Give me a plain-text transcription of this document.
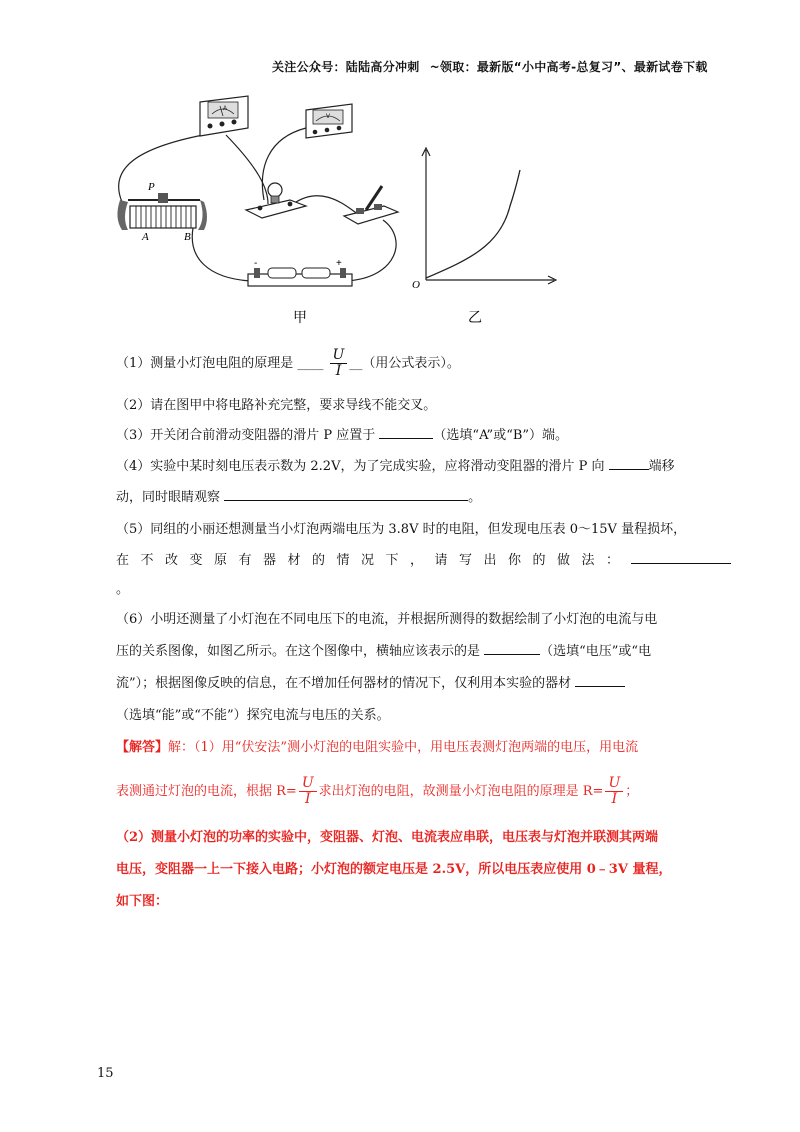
关注公众号：陆陆高分冲刺 ~领取：最新版“小中高考-总复习”、最新试卷下载
A
V
P
A	B
-	+
O
甲	乙
（1）测量小灯泡电阻的原理是 ____ $\frac{U}{I}$ __（用公式表示）。
（2）请在图甲中将电路补充完整，要求导线不能交叉。
（3）开关闭合前滑动变阻器的滑片 P 应置于	（选填“A”或“B”）端。
（4）实验中某时刻电压表示数为 2.2V，为了完成实验，应将滑动变阻器的滑片 P 向	端移
动，同时眼睛观察	。
（5）同组的小丽还想测量当小灯泡两端电压为 3.8V 时的电阻，但发现电压表 0～15V 量程损坏，
在不改变原有器材的情况下，请写出你的做法：
。
（6）小明还测量了小灯泡在不同电压下的电流，并根据所测得的数据绘制了小灯泡的电流与电
压的关系图像，如图乙所示。在这个图像中，横轴应该表示的是	（选填“电压”或“电
流”）；根据图像反映的信息，在不增加任何器材的情况下，仅利用本实验的器材
（选填“能”或“不能”）探究电流与电压的关系。
【解答】解：（1）用“伏安法”测小灯泡的电阻实验中，用电压表测灯泡两端的电压，用电流
表测通过灯泡的电流，根据 $R= \frac{U}{I}$ 求出灯泡的电阻，故测量小灯泡电阻的原理是 $R= \frac{U}{I}$ ；
（2）测量小灯泡的功率的实验中，变阻器、灯泡、电流表应串联，电压表与灯泡并联测其两端
电压，变阻器一上一下接入电路；小灯泡的额定电压是 2.5V，所以电压表应使用 0﹣3V 量程，
如下图：
15
